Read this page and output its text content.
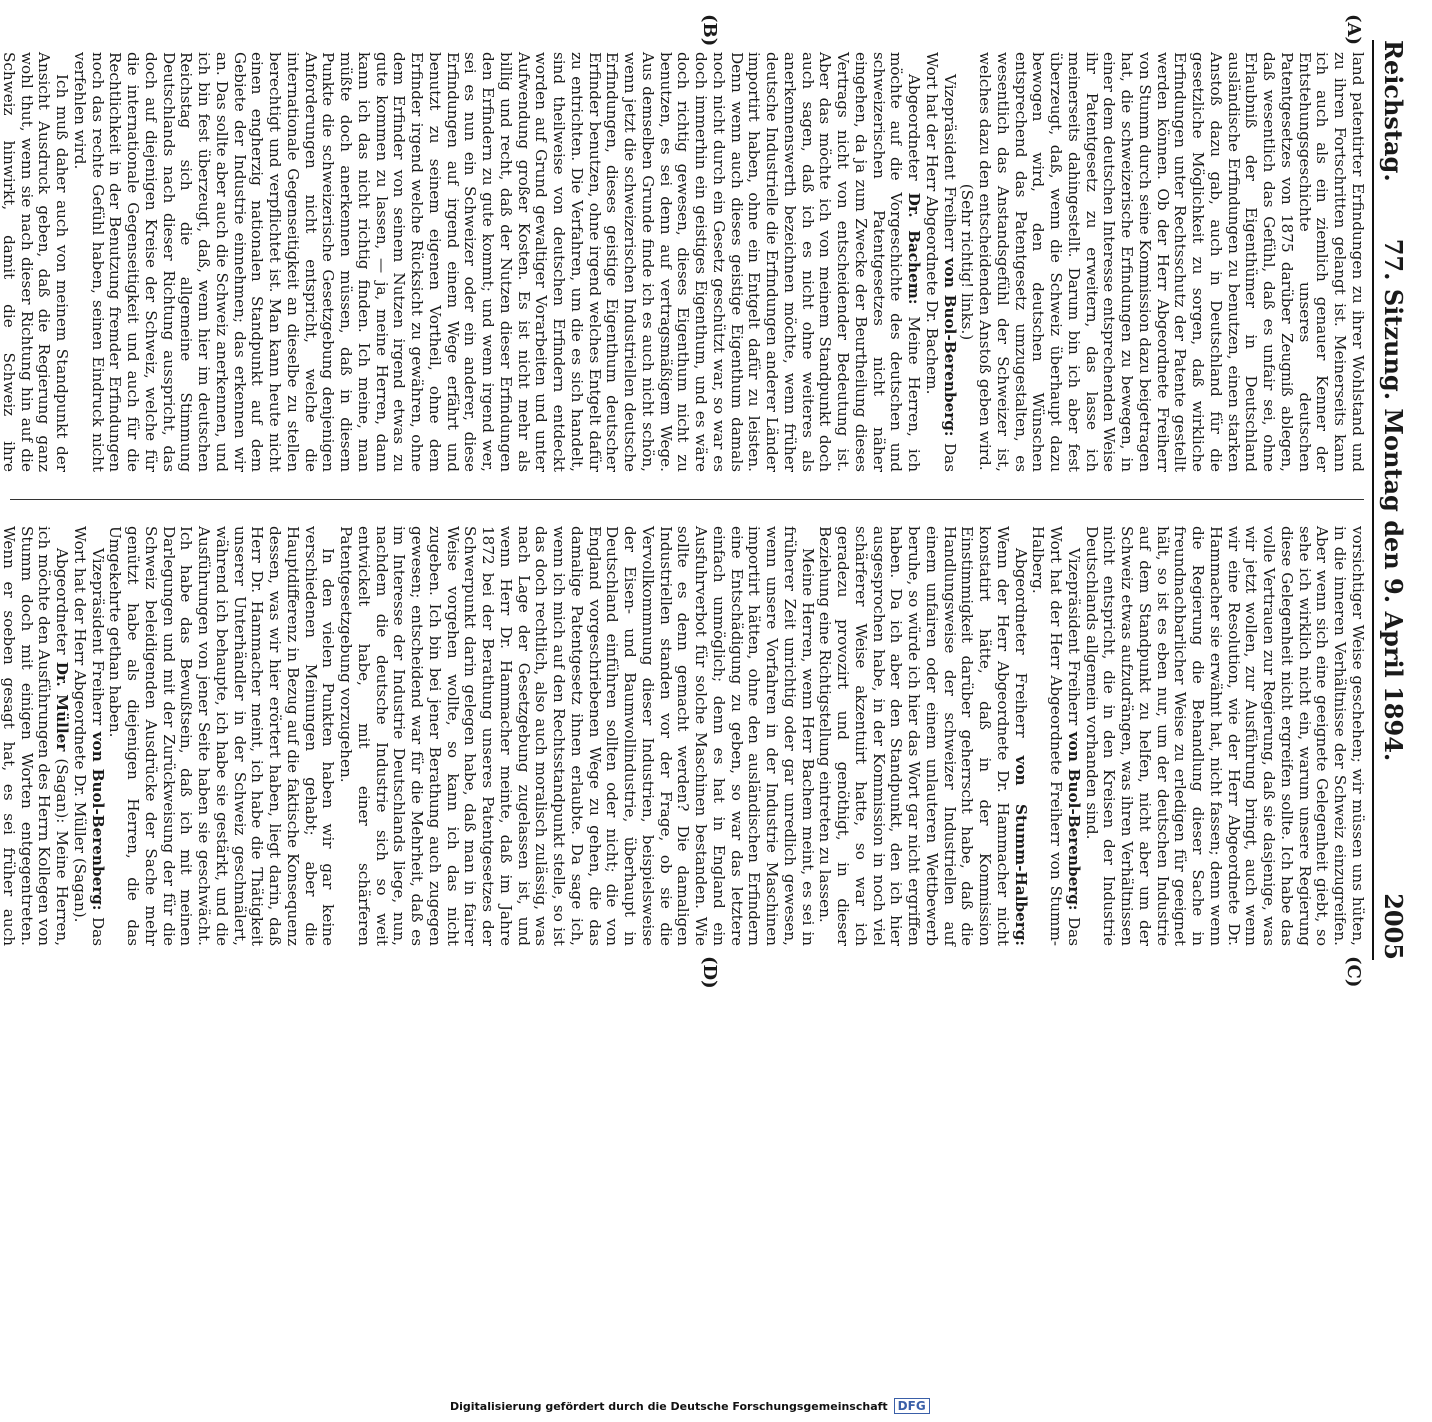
Reichstag.
77. Sitzung. Montag den 9. April 1894.
2005
(A)
(B)
(C)
(D)

land patentirter Erfindungen zu ihrer Wohlstand und zu ihren Fortschritten gelangt ist. Meinerseits kann ich auch als ein ziemlich genauer Kenner der Entstehungsgeschichte unseres deutschen Patentgesetzes von 1875 darüber Zeugniß ablegen, daß wesentlich das Gefühl, daß es unfair sei, ohne Erlaubniß der Eigenthümer in Deutschland ausländische Erfindungen zu benutzen, einen starken Anstoß dazu gab, auch in Deutschland für die gesetzliche Möglichkeit zu sorgen, daß wirkliche Erfindungen unter Rechtsschutz der Patente gestellt werden können. Ob der Herr Abgeordnete Freiherr von Stumm durch seine Kommission dazu beigetragen hat, die schweizerische Erfindungen zu bewegen, in einer dem deutschen Interesse entsprechenden Weise ihr Patentgesetz zu erweitern, das lasse ich meinerseits dahingestellt. Darum bin ich aber fest überzeugt, daß, wenn die Schweiz überhaupt dazu bewogen wird, den deutschen Wünschen entsprechend das Patentgesetz umzugestalten, es wesentlich das Anstandsgefühl der Schweizer ist, welches dazu den entscheidenden Anstoß geben wird.

(Sehr richtig! links.)

Vizepräsident Freiherr von Buol-Berenberg: Das Wort hat der Herr Abgeordnete Dr. Bachem.

Abgeordneter Dr. Bachem: Meine Herren, ich möchte auf die Vorgeschichte des deutschen und schweizerischen Patentgesetzes nicht näher eingehen, da ja zum Zwecke der Beurtheilung dieses Vertrags nicht von entscheidender Bedeutung ist. Aber das möchte ich von meinem Standpunkt doch auch sagen, daß ich es nicht ohne weiteres als anerkennenswerth bezeichnen möchte, wenn früher deutsche Industrielle die Erfindungen anderer Länder importirt haben, ohne ein Entgelt dafür zu leisten. Denn wenn auch dieses geistige Eigenthum damals noch nicht durch ein Gesetz geschützt war, so war es doch immerhin ein geistiges Eigenthum, und es wäre doch richtig gewesen, dieses Eigenthum nicht zu benutzen, es sei denn auf vertragsmäßigem Wege. Aus demselben Grunde finde ich es auch nicht schön, wenn jetzt die schweizerischen Industriellen deutsche Erfindungen, dieses geistige Eigenthum deutscher Erfinder benutzen, ohne irgend welches Entgelt dafür zu entrichten. Die Verfahren, um die es sich handelt, sind theilweise von deutschen Erfindern entdeckt worden auf Grund gewaltiger Vorarbeiten und unter Aufwendung großer Kosten. Es ist nicht mehr als billig und recht, daß der Nutzen dieser Erfindungen den Erfindern zu gute kommt; und wenn irgend wer, sei es nun ein Schweizer oder ein anderer, diese Erfindungen auf irgend einem Wege erfährt und benutzt zu seinem eigenen Vortheil, ohne dem Erfinder irgend welche Rücksicht zu gewähren, ohne dem Erfinder von seinem Nutzen irgend etwas zu gute kommen zu lassen, — ja, meine Herren, dann kann ich das nicht richtig finden. Ich meine, man müßte doch anerkennen müssen, daß in diesem Punkte die schweizerische Gesetzgebung denjenigen Anforderungen nicht entspricht, welche die internationale Gegenseitigkeit an dieselbe zu stellen berechtigt und verpflichtet ist. Man kann heute nicht einen engherzig nationalen Standpunkt auf dem Gebiete der Industrie einnehmen; das erkennen wir an. Das sollte aber auch die Schweiz anerkennen, und ich bin fest überzeugt, daß, wenn hier im deutschen Reichstag sich die allgemeine Stimmung Deutschlands nach dieser Richtung ausspricht, das doch auf diejenigen Kreise der Schweiz, welche für die internationale Gegenseitigkeit und auch für die Rechtlichkeit in der Benutzung fremder Erfindungen noch das rechte Gefühl haben, seinen Eindruck nicht verfehlen wird.

Ich muß daher auch von meinem Standpunkt der Ansicht Ausdruck geben, daß die Regierung ganz wohl thut, wenn sie nach dieser Richtung hin auf die Schweiz hinwirkt, damit die Schweiz ihre

vorsichtiger Weise geschehen; wir müssen uns hüten, in die inneren Verhältnisse der Schweiz einzugreifen. Aber wenn sich eine geeignete Gelegenheit giebt, so sehe ich wirklich nicht ein, warum unsere Regierung diese Gelegenheit nicht ergreifen sollte. Ich habe das volle Vertrauen zur Regierung, daß sie dasjenige, was wir jetzt wollen, zur Ausführung bringt, auch wenn wir eine Resolution, wie der Herr Abgeordnete Dr. Hammacher sie erwähnt hat, nicht fassen; denn wenn die Regierung die Behandlung dieser Sache in freundnachbarlicher Weise zu erledigen für geeignet hält, so ist es eben nur, um der deutschen Industrie auf dem Standpunkt zu helfen, nicht aber um der Schweiz etwas aufzudrängen, was ihren Verhältnissen nicht entspricht, die in den Kreisen der Industrie Deutschlands allgemein vorhanden sind.

Vizepräsident Freiherr von Buol-Berenberg: Das Wort hat der Herr Abgeordnete Freiherr von Stumm-Halberg.

Abgeordneter Freiherr von Stumm-Halberg: Wenn der Herr Abgeordnete Dr. Hammacher nicht konstatirt hätte, daß in der Kommission Einstimmigkeit darüber geherrscht habe, daß die Handlungsweise der schweizer Industriellen auf einem unfairen oder einem unlauteren Wettbewerb beruhe, so würde ich hier das Wort gar nicht ergriffen haben. Da ich aber den Standpunkt, den ich hier ausgesprochen habe, in der Kommission in noch viel schärferer Weise akzentuirt hatte, so war ich geradezu provozirt und genöthigt, in dieser Beziehung eine Richtigstellung eintreten zu lassen.

Meine Herren, wenn Herr Bachem meint, es sei in früherer Zeit unrichtig oder gar unredlich gewesen, wenn unsere Vorfahren in der Industrie Maschinen importirt hätten, ohne den ausländischen Erfindern eine Entschädigung zu geben, so war das letztere einfach unmöglich; denn es hat in England ein Ausfuhrverbot für solche Maschinen bestanden. Wie sollte es denn gemacht werden? Die damaligen Industriellen standen vor der Frage, ob sie die Vervollkommnung dieser Industrien, beispielsweise der Eisen- und Baumwollindustrie, überhaupt in Deutschland einführen sollten oder nicht; die von England vorgeschriebenen Wege zu gehen, die das damalige Patentgesetz ihnen erlaubte. Da sage ich, wenn ich mich auf den Rechtsstandpunkt stelle, so ist das doch rechtlich, also auch moralisch zulässig, was nach Lage der Gesetzgebung zugelassen ist, und wenn Herr Dr. Hammacher meinte, daß im Jahre 1872 bei der Berathung unseres Patentgesetzes der Schwerpunkt darin gelegen habe, daß man in fairer Weise vorgehen wollte, so kann ich das nicht zugeben. Ich bin bei jener Berathung auch zugegen gewesen; entscheidend war für die Mehrheit, daß es im Interesse der Industrie Deutschlands liege, nun, nachdem die deutsche Industrie sich so weit entwickelt habe, mit einer schärferen Patentgesetzgebung vorzugehen.

In den vielen Punkten haben wir gar keine verschiedenen Meinungen gehabt; aber die Hauptdifferenz in Bezug auf die faktische Konsequenz dessen, was wir hier erörtert haben, liegt darin, daß Herr Dr. Hammacher meint, ich habe die Thätigkeit unserer Unterhändler in der Schweiz geschmälert, während ich behaupte, ich habe sie gestärkt, und die Ausführungen von jener Seite haben sie geschwächt. Ich habe das Bewußtsein, daß ich mit meinen Darlegungen und mit der Zurückweisung der für die Schweiz beleidigenden Ausdrücke der Sache mehr genützt habe als diejenigen Herren, die das Umgekehrte gethan haben.

Vizepräsident Freiherr von Buol-Berenberg: Das Wort hat der Herr Abgeordnete Dr. Müller (Sagan).

Abgeordneter Dr. Müller (Sagan): Meine Herren, ich möchte den Ausführungen des Herrn Kollegen von Stumm doch mit einigen Worten entgegentreten. Wenn er soeben gesagt hat, es sei früher auch

Digitalisierung gefördert durch die Deutsche Forschungsgemeinschaft DFG
